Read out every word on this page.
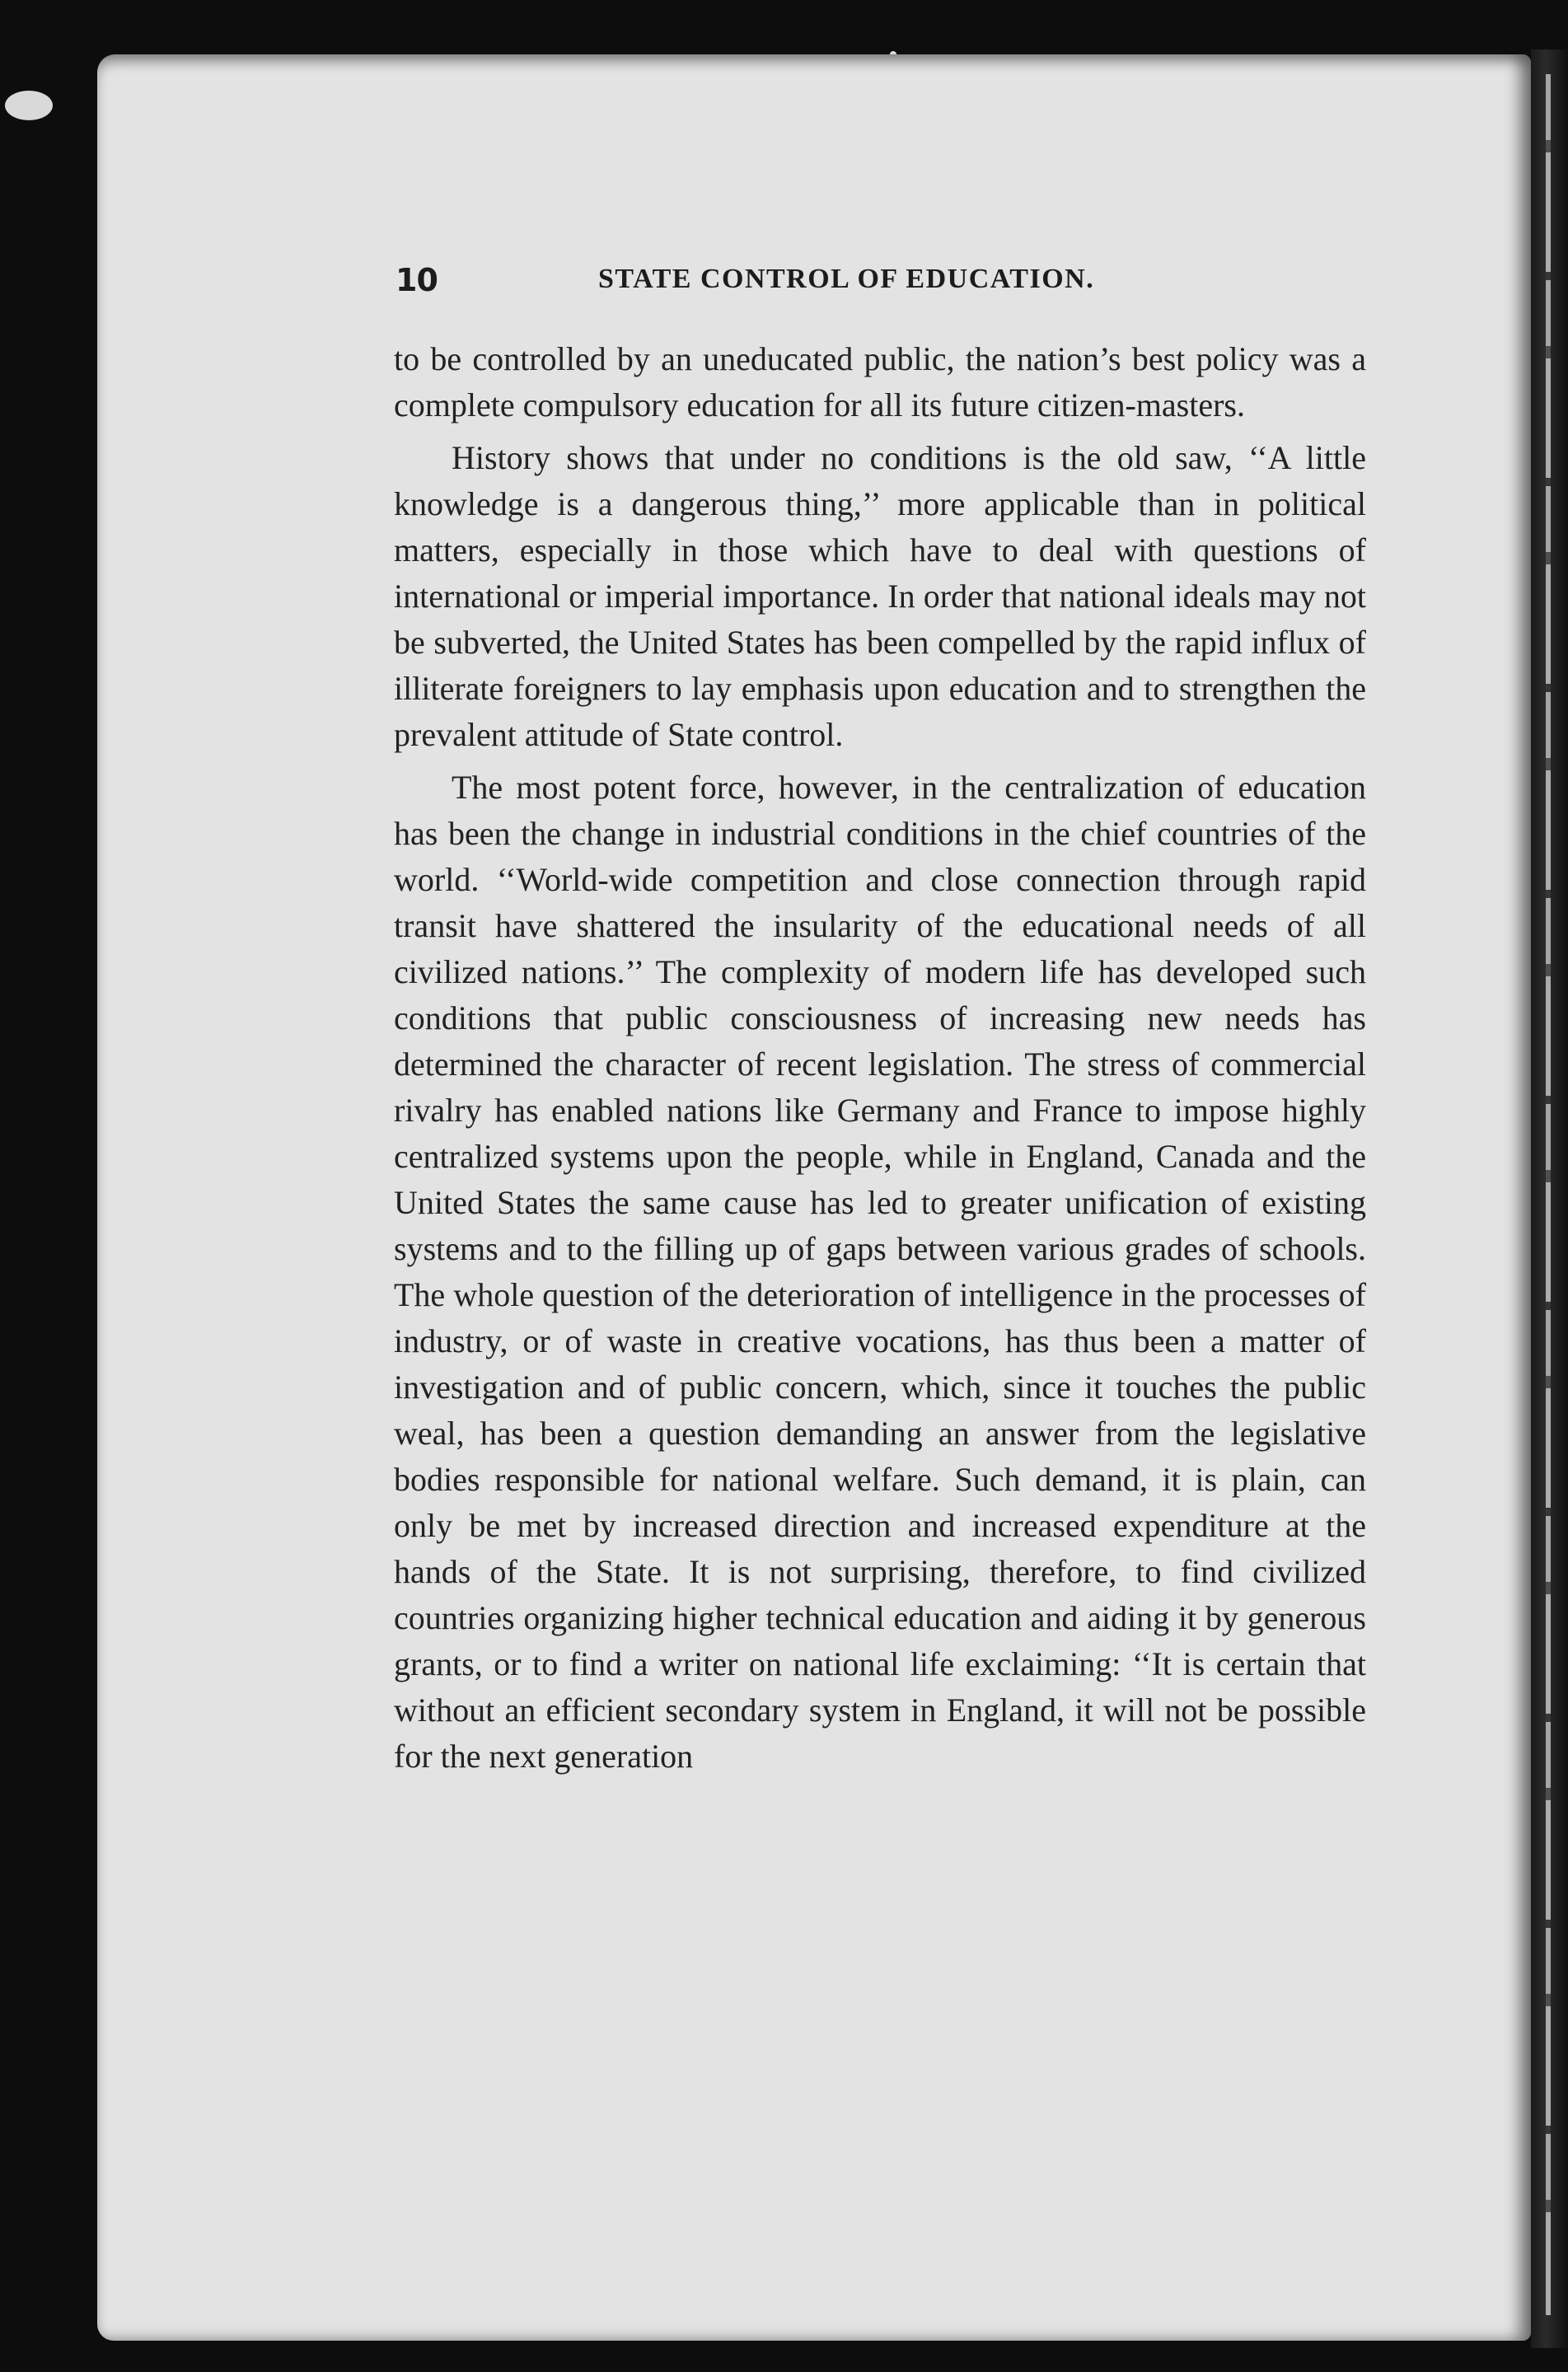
10	STATE CONTROL OF EDUCATION.

to be controlled by an uneducated public, the nation’s best policy was a complete compulsory education for all its future citizen-masters.

History shows that under no conditions is the old saw, ‘‘A little knowledge is a dangerous thing,’’ more applicable than in political matters, especially in those which have to deal with questions of international or imperial importance. In order that national ideals may not be subverted, the United States has been compelled by the rapid influx of illiterate foreigners to lay emphasis upon education and to strengthen the prevalent attitude of State control.

The most potent force, however, in the centralization of education has been the change in industrial conditions in the chief countries of the world. ‘‘World-wide competition and close connection through rapid transit have shattered the insularity of the educational needs of all civilized nations.’’ The complexity of modern life has developed such conditions that public consciousness of increasing new needs has determined the character of recent legislation. The stress of commercial rivalry has enabled nations like Germany and France to impose highly centralized systems upon the people, while in England, Canada and the United States the same cause has led to greater unification of existing systems and to the filling up of gaps between various grades of schools. The whole question of the deterioration of intelligence in the processes of industry, or of waste in creative vocations, has thus been a matter of investigation and of public concern, which, since it touches the public weal, has been a question demanding an answer from the legislative bodies responsible for national welfare. Such demand, it is plain, can only be met by increased direction and increased expenditure at the hands of the State. It is not surprising, therefore, to find civilized countries organizing higher technical education and aiding it by generous grants, or to find a writer on national life exclaiming: ‘‘It is certain that without an efficient secondary system in England, it will not be possible for the next generation
